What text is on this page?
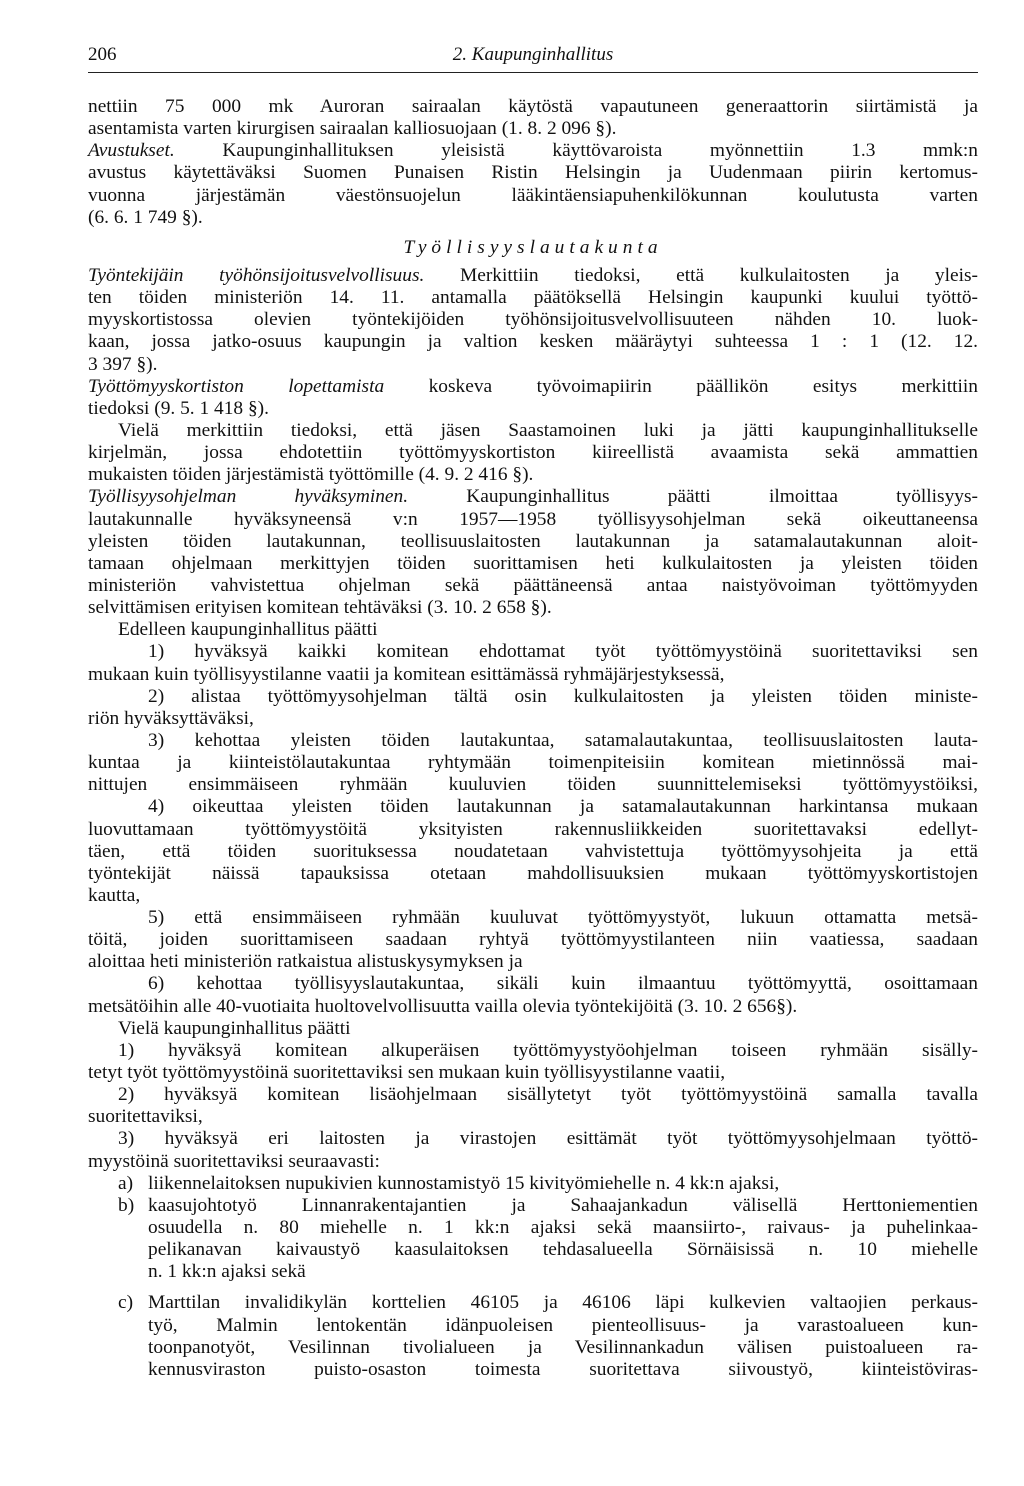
206	2. Kaupunginhallitus
nettiin 75 000 mk Auroran sairaalan käytöstä vapautuneen generaattorin siirtämistä ja
asentamista varten kirurgisen sairaalan kalliosuojaan (1. 8. 2 096 §).
Avustukset. Kaupunginhallituksen yleisistä käyttövaroista myönnettiin 1.3 mmk:n
avustus käytettäväksi Suomen Punaisen Ristin Helsingin ja Uudenmaan piirin kertomus-
vuonna järjestämän väestönsuojelun lääkintäensiapuhenkilökunnan koulutusta varten
(6. 6. 1 749 §).
Työllisyyslautakunta
Työntekijäin työhönsijoitusvelvollisuus. Merkittiin tiedoksi, että kulkulaitosten ja yleis-
ten töiden ministeriön 14. 11. antamalla päätöksellä Helsingin kaupunki kuului työttö-
myyskortistossa olevien työntekijöiden työhönsijoitusvelvollisuuteen nähden 10. luok-
kaan, jossa jatko-osuus kaupungin ja valtion kesken määräytyi suhteessa 1 : 1 (12. 12.
3 397 §).
Työttömyyskortiston lopettamista koskeva työvoimapiirin päällikön esitys merkittiin
tiedoksi (9. 5. 1 418 §).
Vielä merkittiin tiedoksi, että jäsen Saastamoinen luki ja jätti kaupunginhallitukselle
kirjelmän, jossa ehdotettiin työttömyyskortiston kiireellistä avaamista sekä ammattien
mukaisten töiden järjestämistä työttömille (4. 9. 2 416 §).
Työllisyysohjelman hyväksyminen. Kaupunginhallitus päätti ilmoittaa työllisyys-
lautakunnalle hyväksyneensä v:n 1957—1958 työllisyysohjelman sekä oikeuttaneensa
yleisten töiden lautakunnan, teollisuuslaitosten lautakunnan ja satamalautakunnan aloit-
tamaan ohjelmaan merkittyjen töiden suorittamisen heti kulkulaitosten ja yleisten töiden
ministeriön vahvistettua ohjelman sekä päättäneensä antaa naistyövoiman työttömyyden
selvittämisen erityisen komitean tehtäväksi (3. 10. 2 658 §).
Edelleen kaupunginhallitus päätti
1) hyväksyä kaikki komitean ehdottamat työt työttömyystöinä suoritettaviksi sen
mukaan kuin työllisyystilanne vaatii ja komitean esittämässä ryhmäjärjestyksessä,
2) alistaa työttömyysohjelman tältä osin kulkulaitosten ja yleisten töiden ministe-
riön hyväksyttäväksi,
3) kehottaa yleisten töiden lautakuntaa, satamalautakuntaa, teollisuuslaitosten lauta-
kuntaa ja kiinteistölautakuntaa ryhtymään toimenpiteisiin komitean mietinnössä mai-
nittujen ensimmäiseen ryhmään kuuluvien töiden suunnittelemiseksi työttömyystöiksi,
4) oikeuttaa yleisten töiden lautakunnan ja satamalautakunnan harkintansa mukaan
luovuttamaan työttömyystöitä yksityisten rakennusliikkeiden suoritettavaksi edellyt-
täen, että töiden suorituksessa noudatetaan vahvistettuja työttömyysohjeita ja että
työntekijät näissä tapauksissa otetaan mahdollisuuksien mukaan työttömyyskortistojen
kautta,
5) että ensimmäiseen ryhmään kuuluvat työttömyystyöt, lukuun ottamatta metsä-
töitä, joiden suorittamiseen saadaan ryhtyä työttömyystilanteen niin vaatiessa, saadaan
aloittaa heti ministeriön ratkaistua alistuskysymyksen ja
6) kehottaa työllisyyslautakuntaa, sikäli kuin ilmaantuu työttömyyttä, osoittamaan
metsätöihin alle 40-vuotiaita huoltovelvollisuutta vailla olevia työntekijöitä (3. 10. 2 656§).
Vielä kaupunginhallitus päätti
1) hyväksyä komitean alkuperäisen työttömyystyöohjelman toiseen ryhmään sisälly-
tetyt työt työttömyystöinä suoritettaviksi sen mukaan kuin työllisyystilanne vaatii,
2) hyväksyä komitean lisäohjelmaan sisällytetyt työt työttömyystöinä samalla tavalla
suoritettaviksi,
3) hyväksyä eri laitosten ja virastojen esittämät työt työttömyysohjelmaan työttö-
myystöinä suoritettaviksi seuraavasti:
a) liikennelaitoksen nupukivien kunnostamistyö 15 kivityömiehelle n. 4 kk:n ajaksi,
b) kaasujohtotyö Linnanrakentajantien ja Sahaajankadun välisellä Herttoniementien
osuudella n. 80 miehelle n. 1 kk:n ajaksi sekä maansiirto-, raivaus- ja puhelinkaa-
pelikanavan kaivaustyö kaasulaitoksen tehdasalueella Sörnäisissä n. 10 miehelle
n. 1 kk:n ajaksi sekä
c) Marttilan invalidikylän korttelien 46105 ja 46106 läpi kulkevien valtaojien perkaus-
työ, Malmin lentokentän idänpuoleisen pienteollisuus- ja varastoalueen kun-
toonpanotyöt, Vesilinnan tivolialueen ja Vesilinnankadun välisen puistoalueen ra-
kennusviraston puisto-osaston toimesta suoritettava siivoustyö, kiinteistöviras-
